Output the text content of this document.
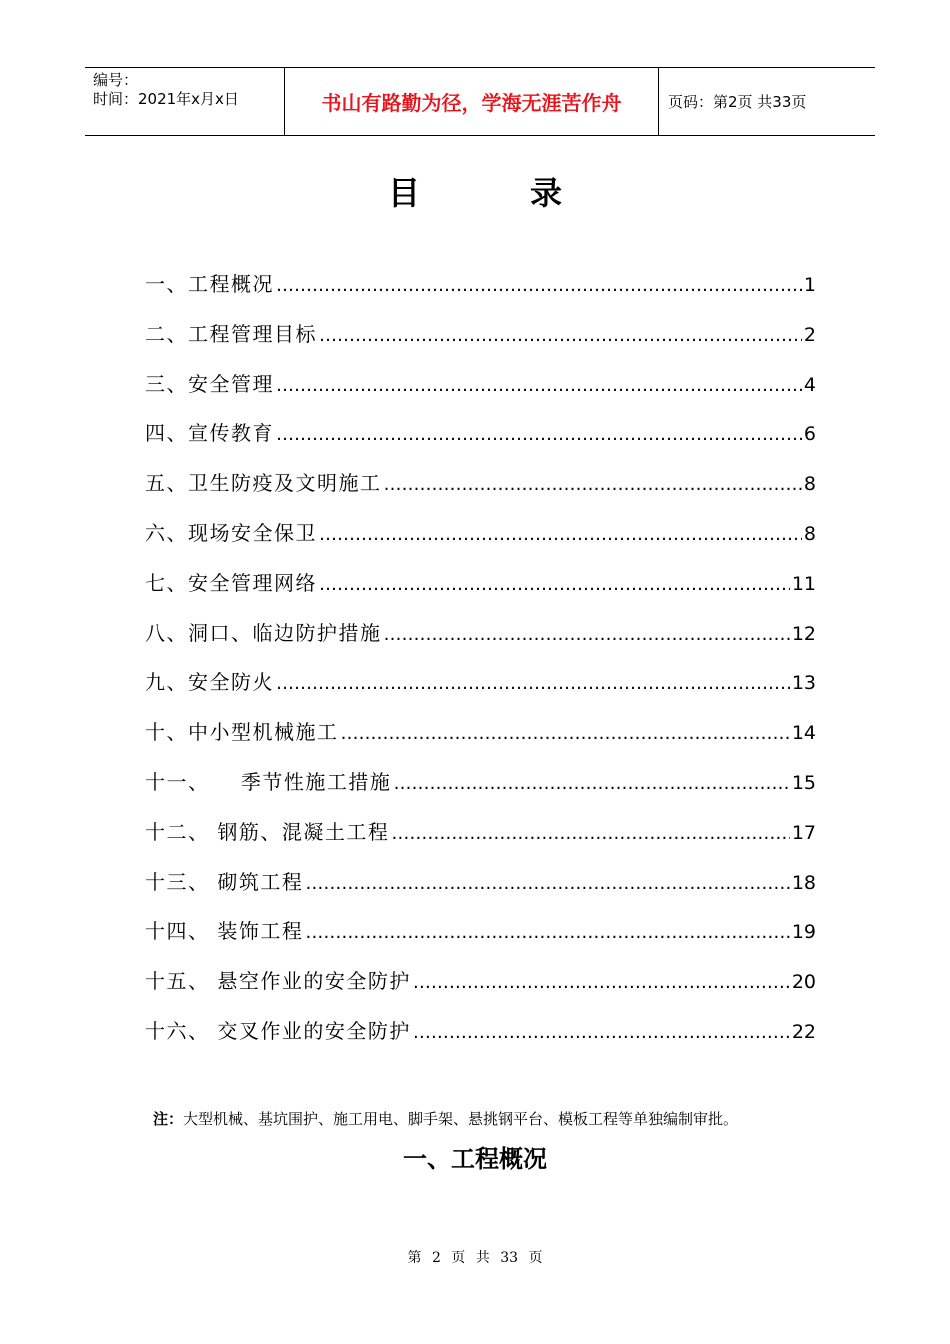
编号：
时间：2021年x月x日	书山有路勤为径，学海无涯苦作舟	页码：第2页 共33页
目录
一、工程概况 ……………………………………………………………………………………………………………………………………	1
二、工程管理目标 ……………………………………………………………………………………………………………………………………	2
三、安全管理 ……………………………………………………………………………………………………………………………………	4
四、宣传教育 ……………………………………………………………………………………………………………………………………	6
五、卫生防疫及文明施工 ……………………………………………………………………………………………………………………………………	8
六、现场安全保卫 ……………………………………………………………………………………………………………………………………	8
七、安全管理网络 ……………………………………………………………………………………………………………………………………	11
八、洞口、临边防护措施 ……………………………………………………………………………………………………………………………………	12
九、安全防火 ……………………………………………………………………………………………………………………………………	13
十、中小型机械施工 ……………………………………………………………………………………………………………………………………	14
十一、    季节性施工措施 ……………………………………………………………………………………………………………………………………	15
十二、 钢筋、混凝土工程 ……………………………………………………………………………………………………………………………………	17
十三、 砌筑工程 ……………………………………………………………………………………………………………………………………	18
十四、 装饰工程 ……………………………………………………………………………………………………………………………………	19
十五、 悬空作业的安全防护 ……………………………………………………………………………………………………………………………………	20
十六、 交叉作业的安全防护 ……………………………………………………………………………………………………………………………………	22
注：大型机械、基坑围护、施工用电、脚手架、悬挑钢平台、模板工程等单独编制审批。
一、工程概况
第 2 页 共 33 页
